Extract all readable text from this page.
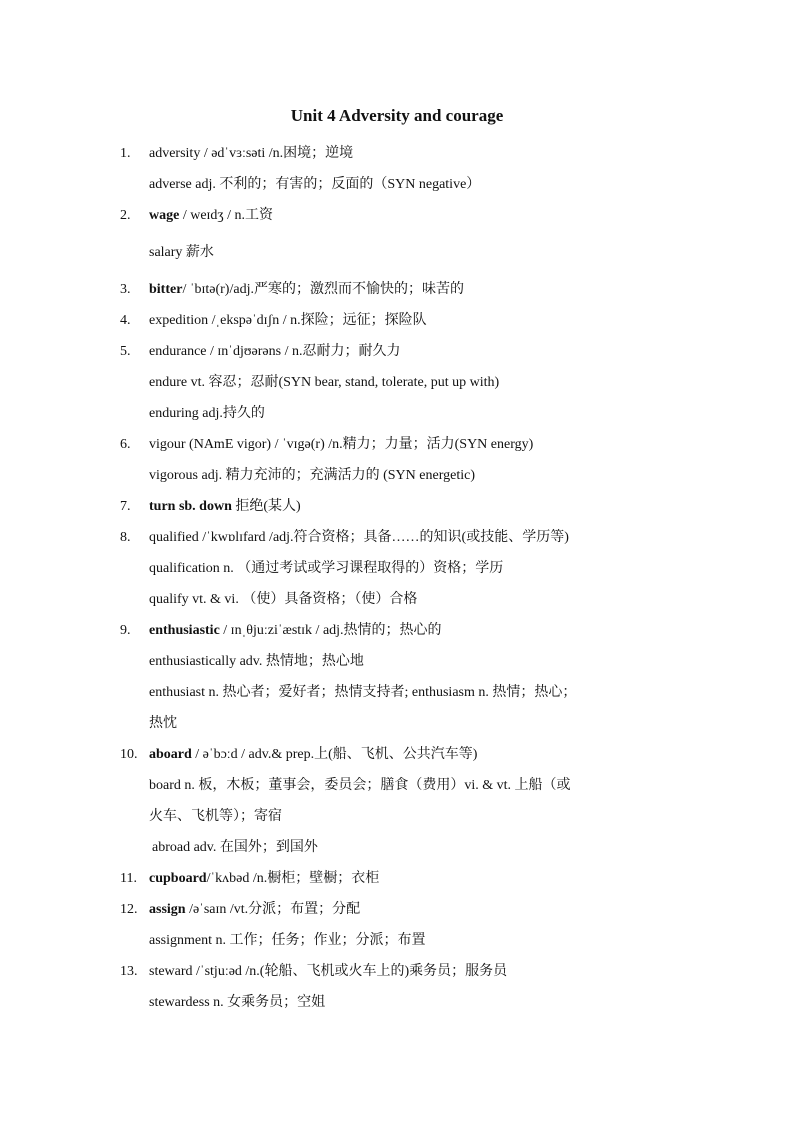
Unit 4 Adversity and courage
1. adversity / ədˈvɜːsəti /n.困境；逆境
adverse adj. 不利的；有害的；反面的（SYN negative）
2. wage / weɪdʒ / n.工资
salary 薪水
3. bitter/ ˈbɪtə(r)/adj.严寒的；激烈而不愉快的；味苦的
4. expedition /ˌekspəˈdɪʃn / n.探险；远征；探险队
5. endurance / ɪnˈdjʊərəns / n.忍耐力；耐久力
endure vt. 容忍；忍耐(SYN bear, stand, tolerate, put up with)
enduring adj.持久的
6. vigour (NAmE vigor) / ˈvɪgə(r) /n.精力；力量；活力(SYN energy)
vigorous adj. 精力充沛的；充满活力的 (SYN energetic)
7. turn sb. down 拒绝(某人)
8. qualified /ˈkwɒlɪfard /adj.符合资格；具备……的知识(或技能、学历等)
qualification n. （通过考试或学习课程取得的）资格；学历
qualify vt. & vi. （使）具备资格；（使）合格
9. enthusiastic / ɪnˌθjuːziˈæstɪk / adj.热情的；热心的
enthusiastically adv. 热情地；热心地
enthusiast n. 热心者；爱好者；热情支持者; enthusiasm n. 热情；热心；
热忱
10. aboard / əˈbɔːd / adv.& prep.上(船、飞机、公共汽车等)
board n. 板，木板；董事会，委员会；膳食（费用）vi. & vt. 上船（或
火车、飞机等）；寄宿
abroad adv. 在国外；到国外
11. cupboard/ˈkʌbəd /n.橱柜；壁橱；衣柜
12. assign /əˈsaɪn /vt.分派；布置；分配
assignment n. 工作；任务；作业；分派；布置
13. steward /ˈstjuːəd /n.(轮船、飞机或火车上的)乘务员；服务员
stewardess n. 女乘务员；空姐
